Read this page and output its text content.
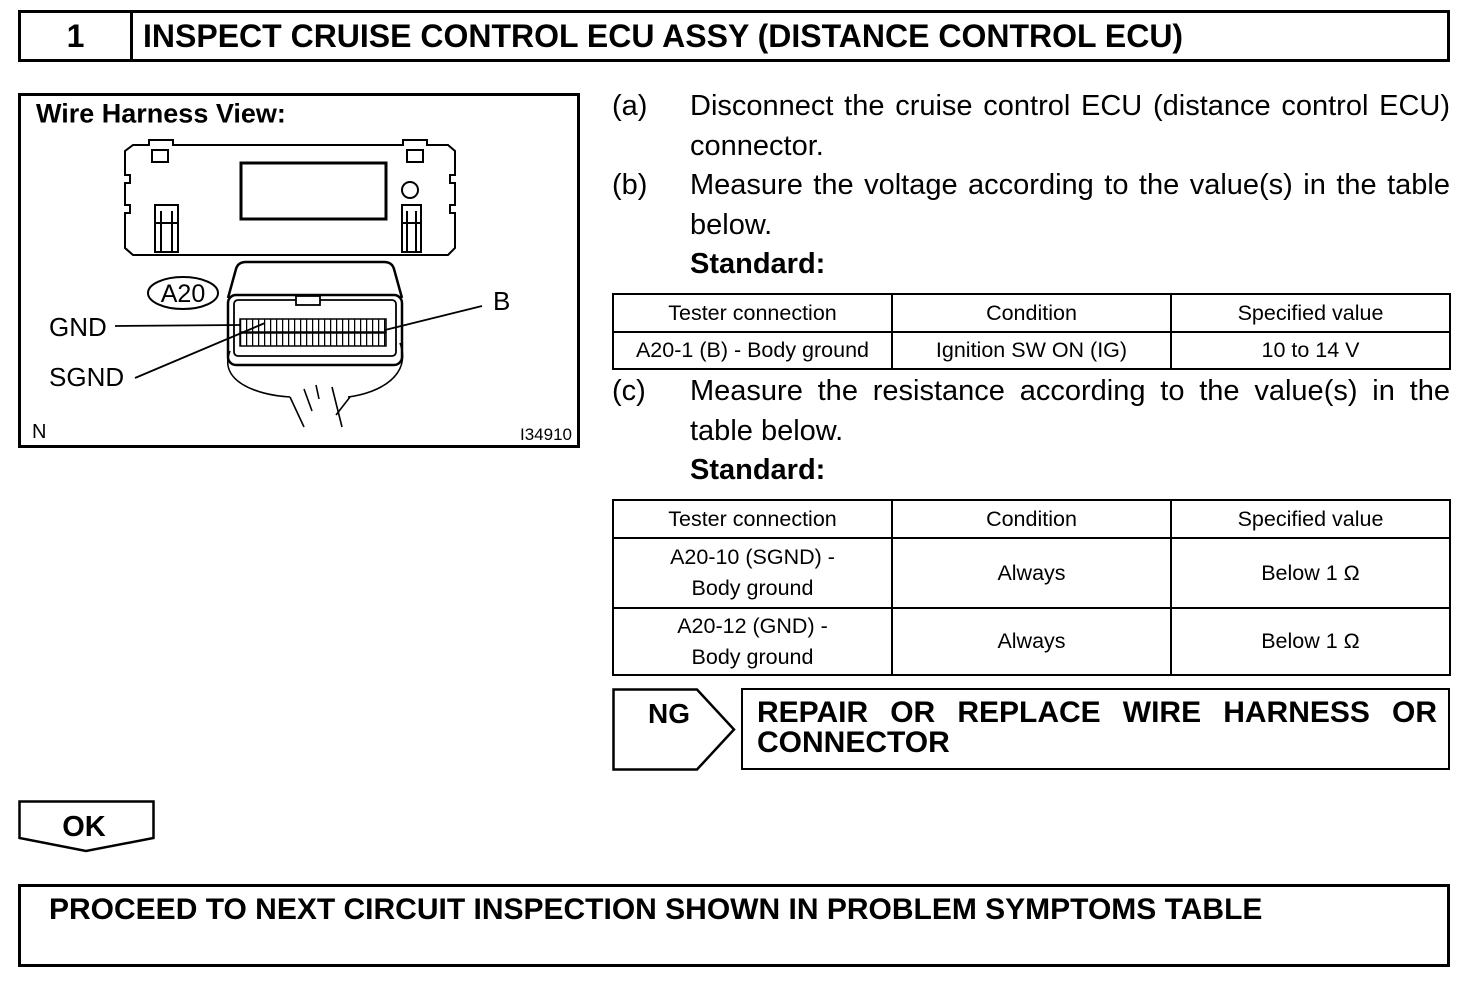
1	INSPECT CRUISE CONTROL ECU ASSY (DISTANCE CONTROL ECU)
Wire Harness View:
A20
GND
SGND
B
N	I34910
(a) Disconnect the cruise control ECU (distance control ECU)
connector.
(b) Measure the voltage according to the value(s) in the table
below.
Standard:
Tester connection	Condition	Specified value

A20-1 (B) - Body ground	Ignition SW ON (IG)	10 to 14 V
(c) Measure the resistance according to the value(s) in the
table below.
Standard:
Tester connection	Condition	Specified value

A20-10 (SGND) -
Body ground	Always	Below 1 Ω

A20-12 (GND) -
Body ground	Always	Below 1 Ω
NG REPAIR OR REPLACE WIRE HARNESS OR
CONNECTOR
OK
PROCEED TO NEXT CIRCUIT INSPECTION SHOWN IN PROBLEM SYMPTOMS TABLE
